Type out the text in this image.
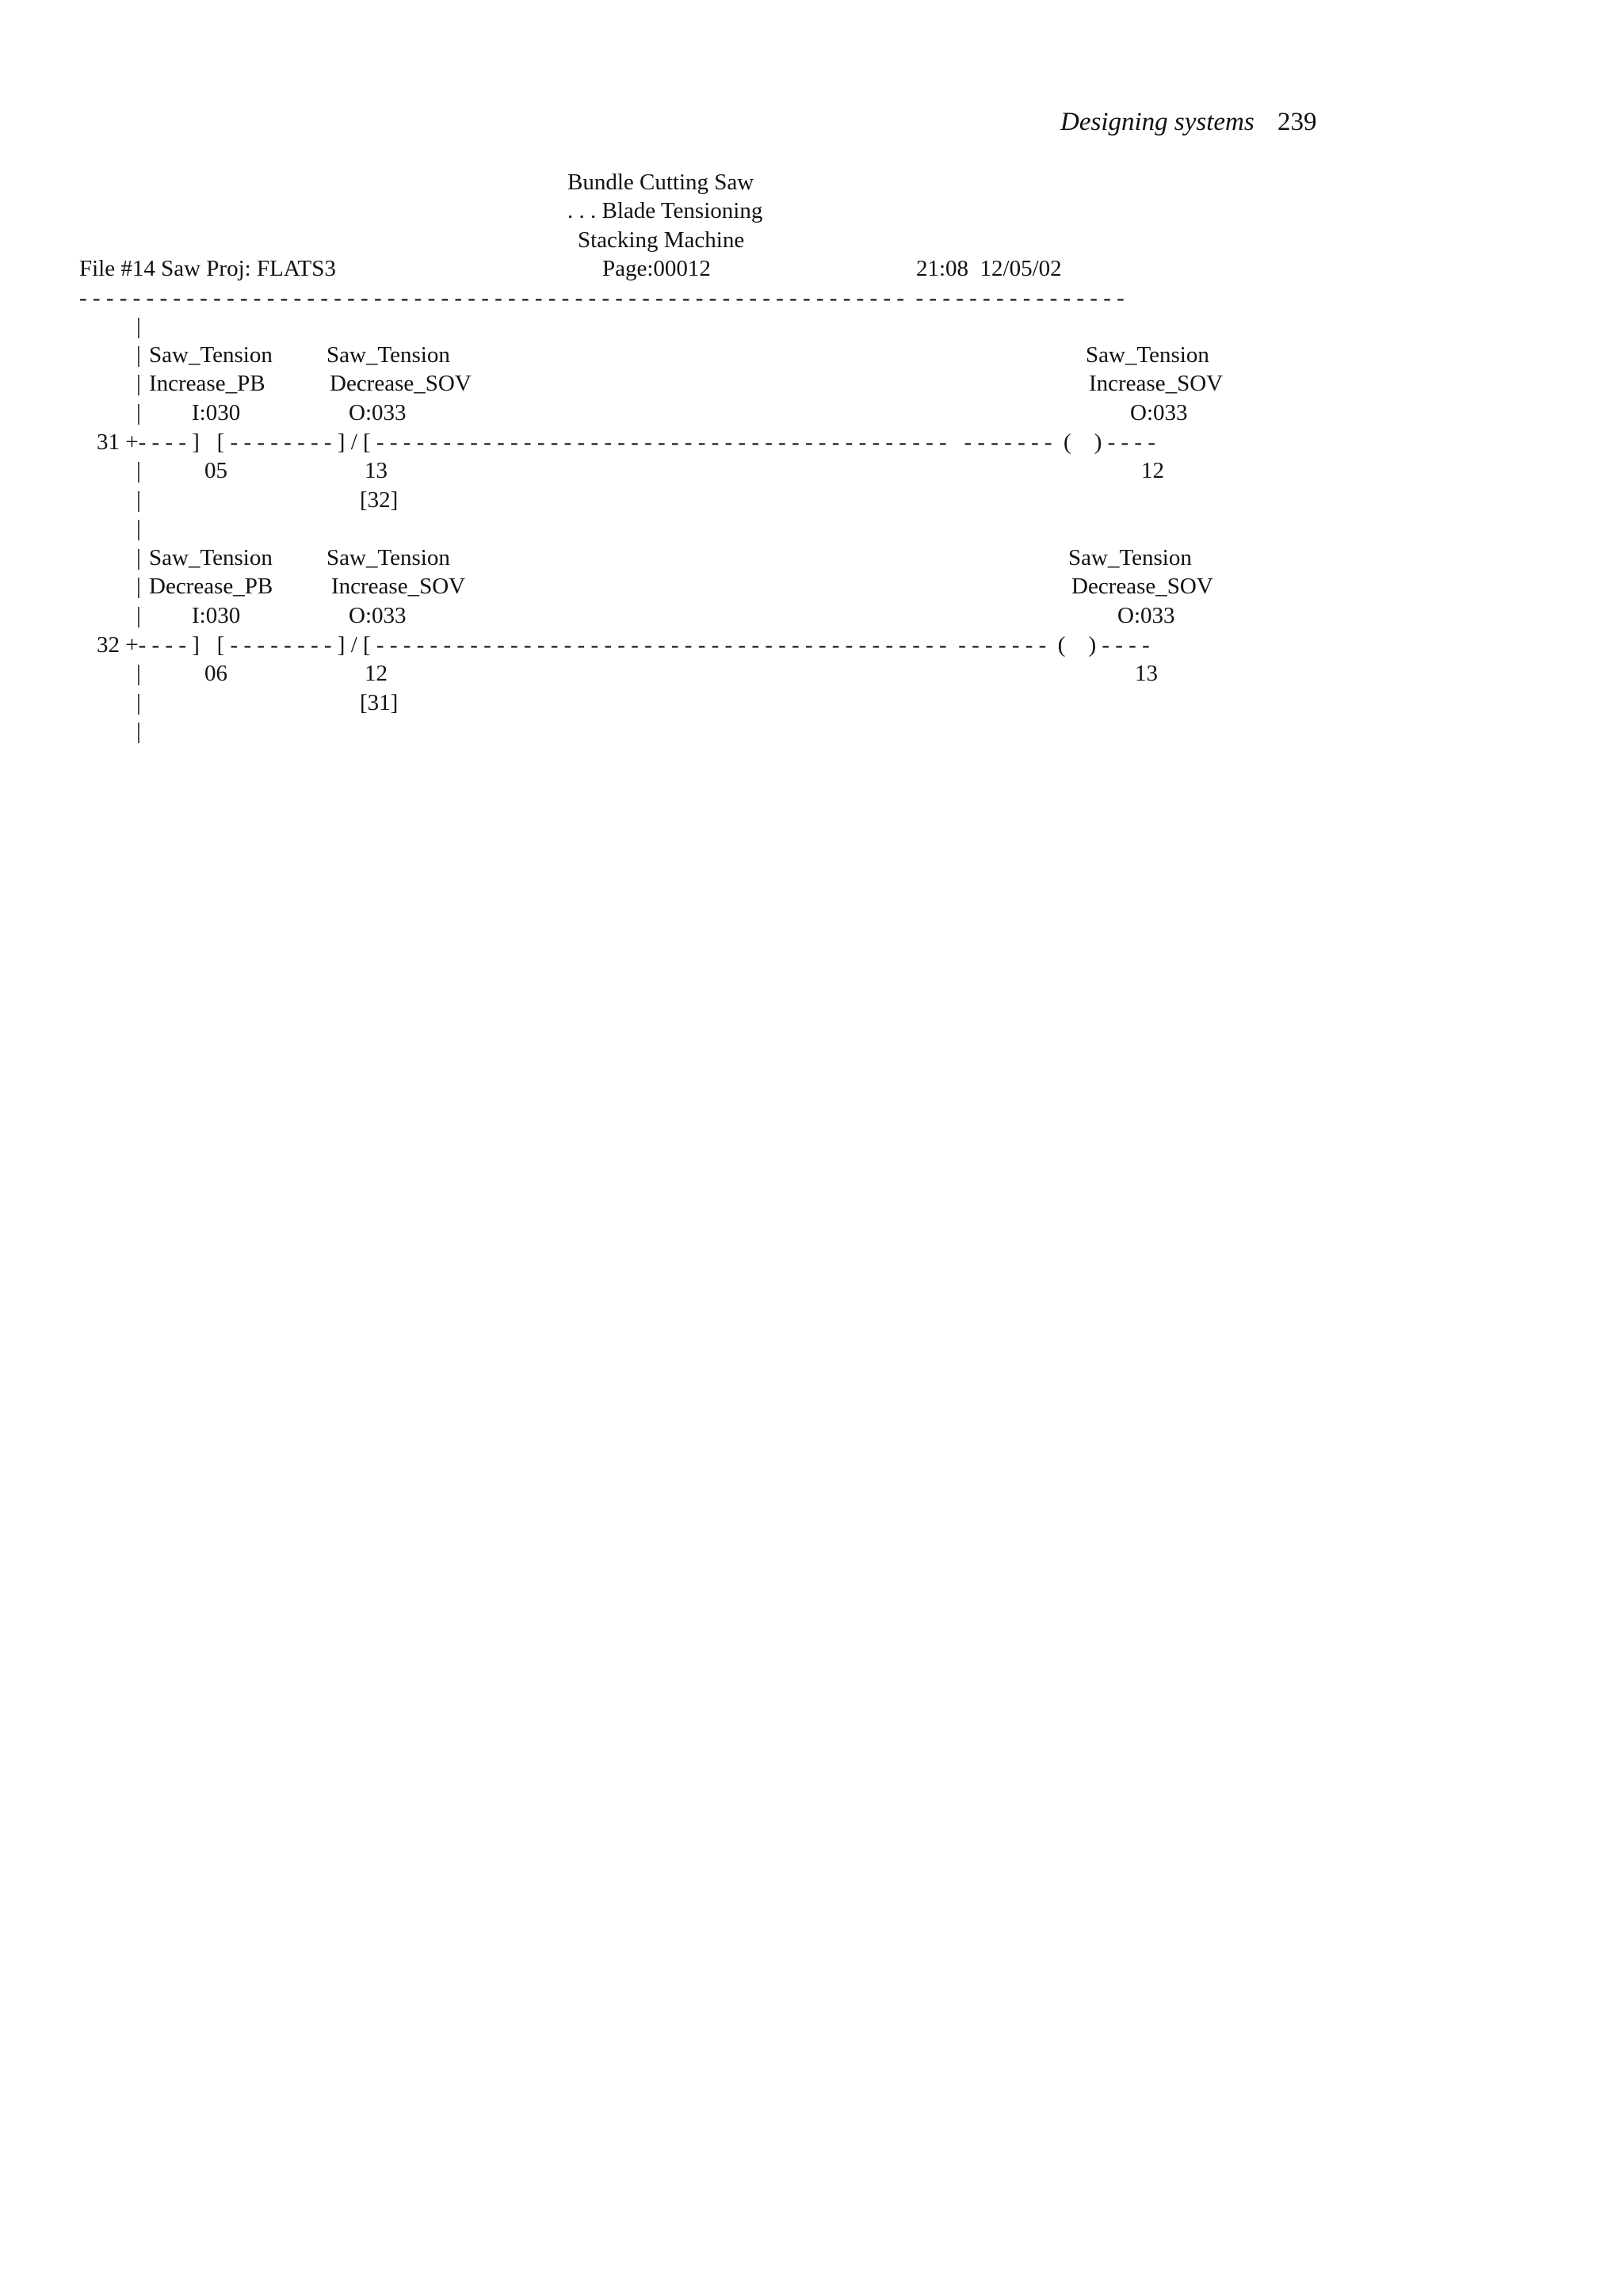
Designing systems 239
Bundle Cutting Saw
. . . Blade Tensioning
Stacking Machine
File #14 Saw Proj: FLATS3	Page:00012	21:08  12/05/02
- - - - - - - - - - - - - - - - - - - - - - - - - - - - - - - - - - - - - - - - - - - - - - - - - - - - - - - - - - - - - -  - - - - - - - - - - - - - - - -
|
| Saw_Tension Saw_Tension	Saw_Tension
| Increase_PB	Decrease_SOV	Increase_SOV
| I:030	O:033	O:033
31 +- - - - ]   [ - - - - - - - - ] / [ - - - - - - - - - - - - - - - - - - - - - - - - - - - - - - - - - - - - - - - - - - -   - - - - - - -  (    ) - - - -
|	05	13	12
|	[32]
|
| Saw_Tension Saw_Tension	Saw_Tension
| Decrease_PB	Increase_SOV	Decrease_SOV
| I:030	O:033	O:033
32 +- - - - ]   [ - - - - - - - - ] / [ - - - - - - - - - - - - - - - - - - - - - - - - - - - - - - - - - - - - - - - - - - -  - - - - - - -  (    ) - - - -
|	06	12	13
|	[31]
|
